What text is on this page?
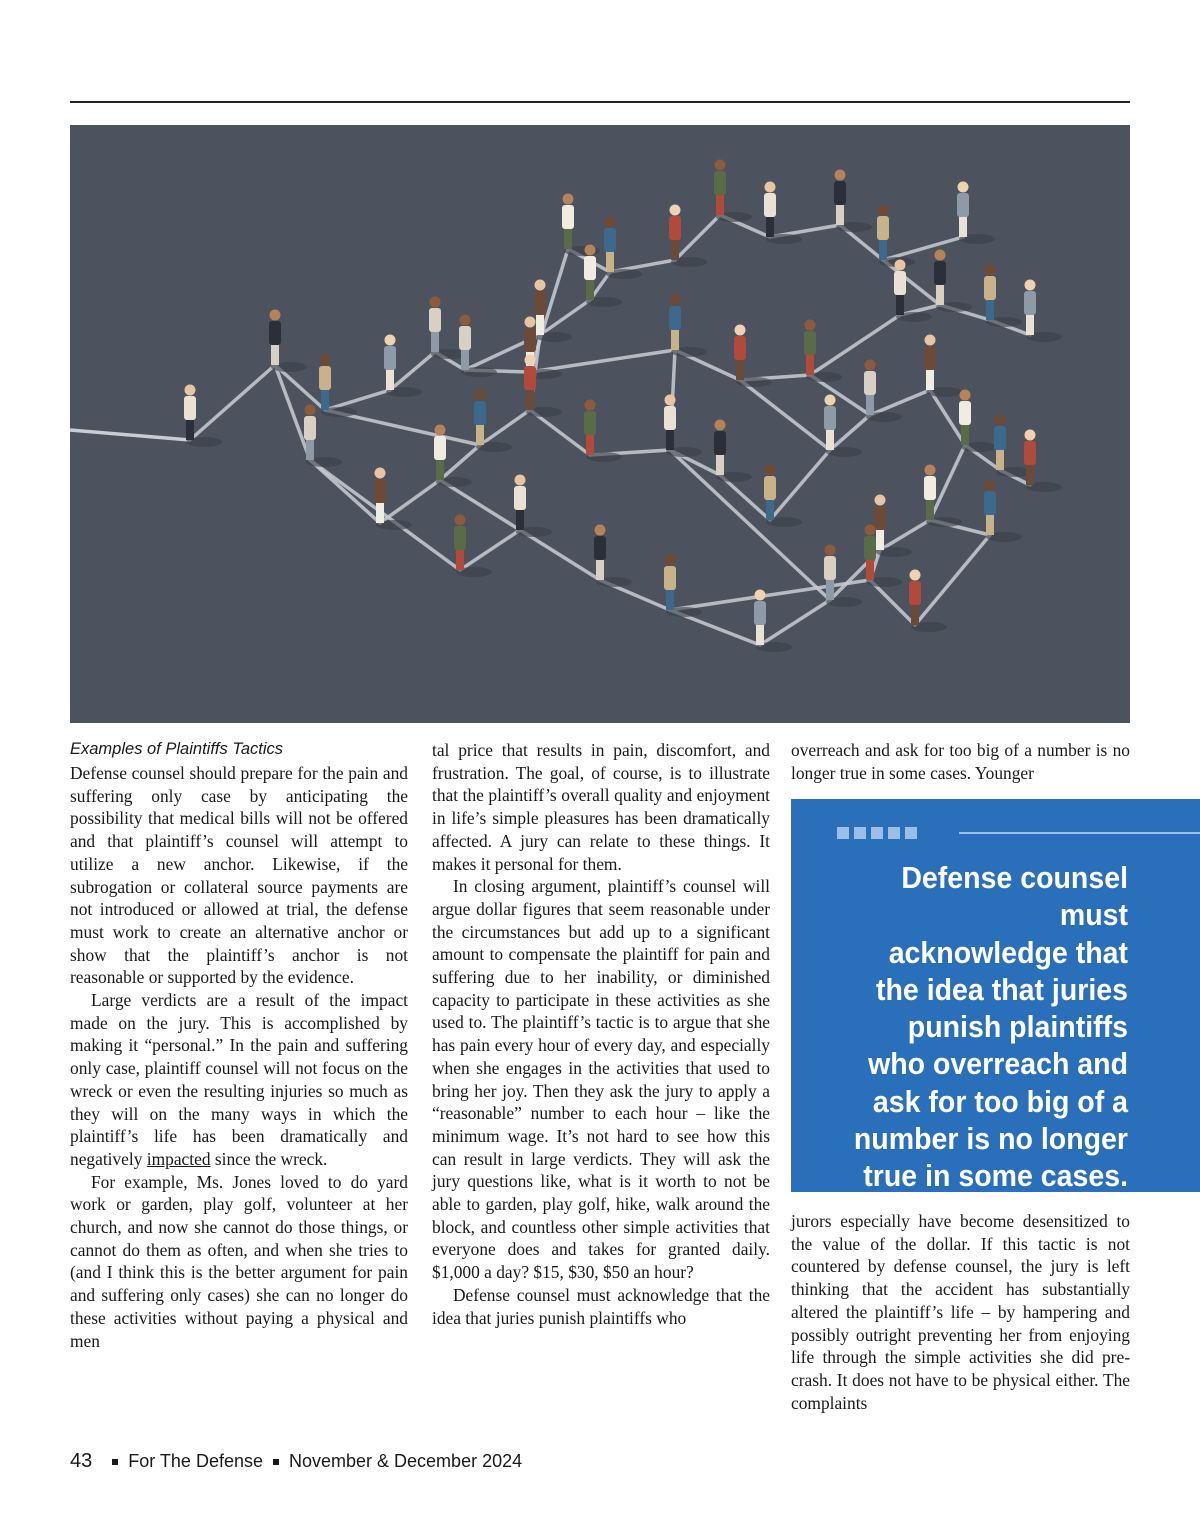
Examples of Plaintiffs Tactics

Defense counsel should prepare for the pain and suffering only case by anticipating the possibility that medical bills will not be offered and that plaintiff’s counsel will attempt to utilize a new anchor. Likewise, if the subrogation or collateral source payments are not introduced or allowed at trial, the defense must work to create an alternative anchor or show that the plaintiff’s anchor is not reasonable or supported by the evidence.

Large verdicts are a result of the impact made on the jury. This is accomplished by making it “personal.” In the pain and suffering only case, plaintiff counsel will not focus on the wreck or even the resulting injuries so much as they will on the many ways in which the plaintiff’s life has been dramatically and negatively impacted since the wreck.

For example, Ms. Jones loved to do yard work or garden, play golf, volunteer at her church, and now she cannot do those things, or cannot do them as often, and when she tries to (and I think this is the better argument for pain and suffering only cases) she can no longer do these activities without paying a physical and men

tal price that results in pain, discomfort, and frustration. The goal, of course, is to illustrate that the plaintiff’s overall quality and enjoyment in life’s simple pleasures has been dramatically affected. A jury can relate to these things. It makes it personal for them.

In closing argument, plaintiff’s counsel will argue dollar figures that seem reasonable under the circumstances but add up to a significant amount to compensate the plaintiff for pain and suffering due to her inability, or diminished capacity to participate in these activities as she used to. The plaintiff’s tactic is to argue that she has pain every hour of every day, and especially when she engages in the activities that used to bring her joy. Then they ask the jury to apply a “reasonable” number to each hour – like the minimum wage. It’s not hard to see how this can result in large verdicts. They will ask the jury questions like, what is it worth to not be able to garden, play golf, hike, walk around the block, and countless other simple activities that everyone does and takes for granted daily. $1,000 a day? $15, $30, $50 an hour?

Defense counsel must acknowledge that the idea that juries punish plaintiffs who

overreach and ask for too big of a number is no longer true in some cases. Younger

Defense counsel must
acknowledge that
the idea that juries
punish plaintiffs
who overreach and
ask for too big of a
number is no longer
true in some cases.

jurors especially have become desensitized to the value of the dollar. If this tactic is not countered by defense counsel, the jury is left thinking that the accident has substantially altered the plaintiff’s life – by hampering and possibly outright preventing her from enjoying life through the simple activities she did pre-crash. It does not have to be physical either. The complaints

43 For The Defense November & December 2024
